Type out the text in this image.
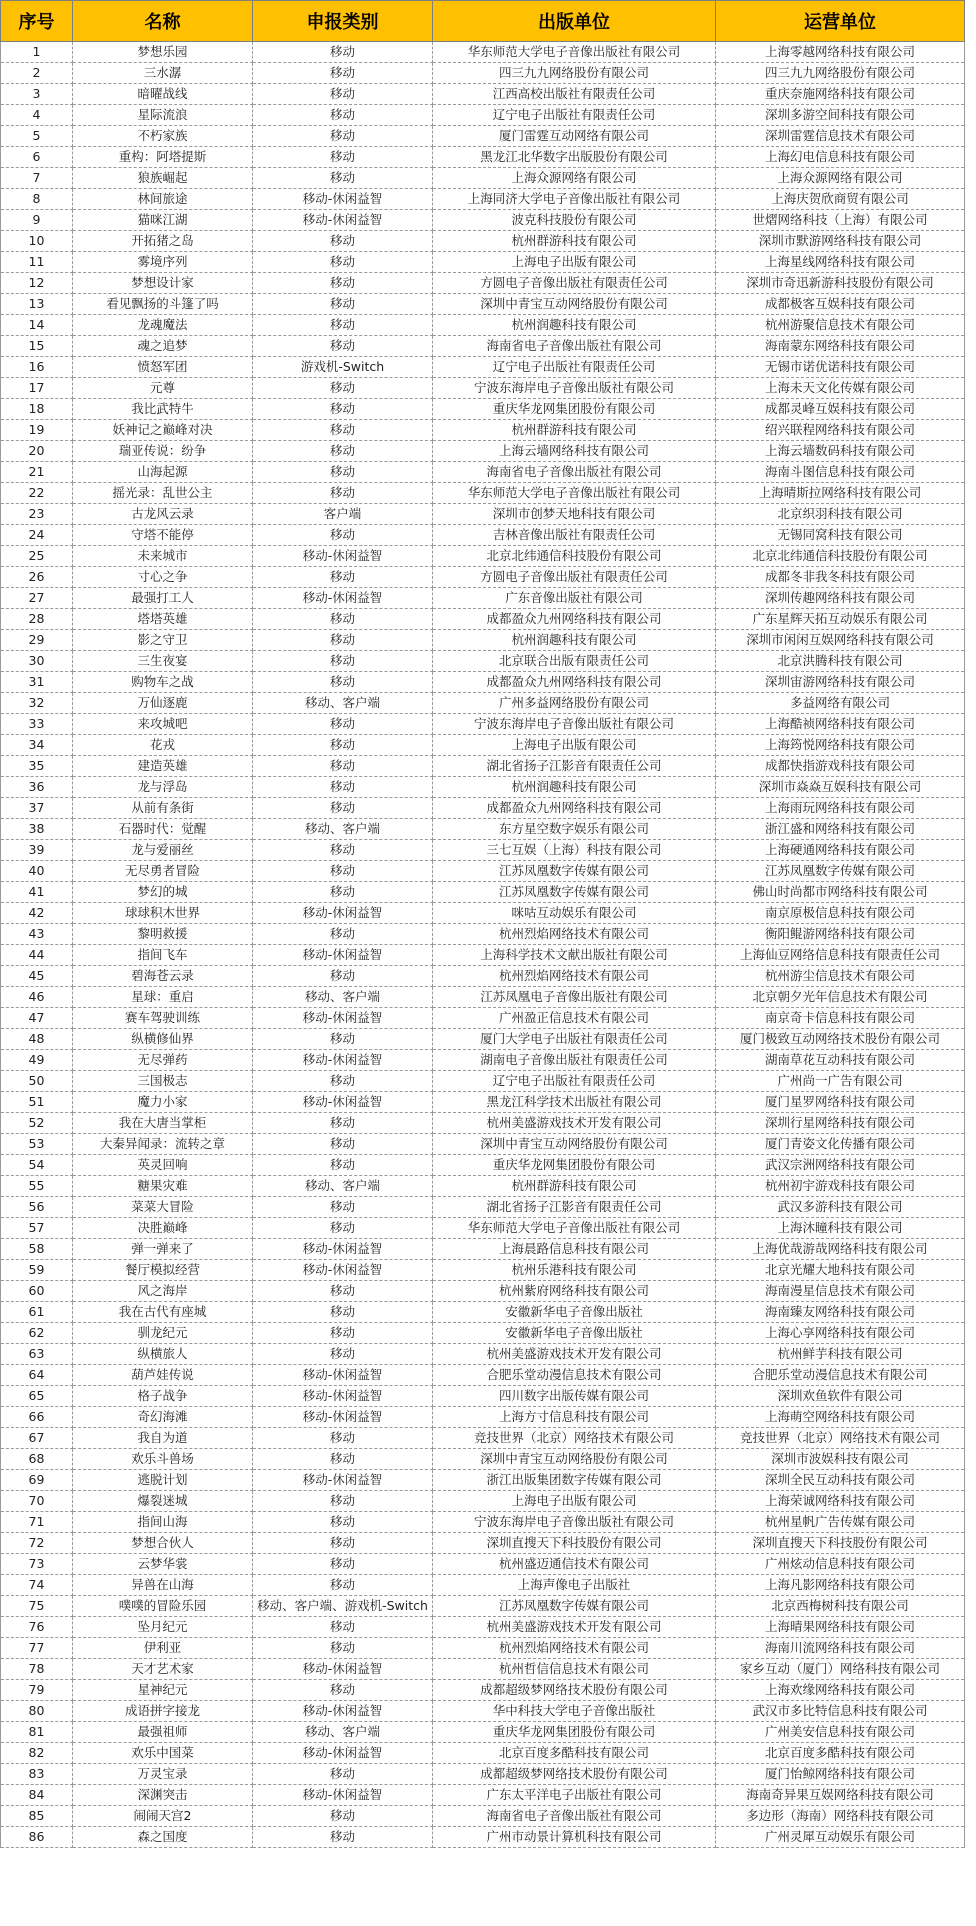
序号	名称	申报类别	出版单位	运营单位
1	梦想乐园	移动	华东师范大学电子音像出版社有限公司	上海零越网络科技有限公司
2	三水潺	移动	四三九九网络股份有限公司	四三九九网络股份有限公司
3	暗曜战线	移动	江西高校出版社有限责任公司	重庆奈施网络科技有限公司
4	星际流浪	移动	辽宁电子出版社有限责任公司	深圳多游空间科技有限公司
5	不朽家族	移动	厦门雷霆互动网络有限公司	深圳雷霆信息技术有限公司
6	重构：阿塔提斯	移动	黑龙江北华数字出版股份有限公司	上海幻电信息科技有限公司
7	狼族崛起	移动	上海众源网络有限公司	上海众源网络有限公司
8	林间旅途	移动-休闲益智	上海同济大学电子音像出版社有限公司	上海庆贺欣商贸有限公司
9	猫咪江湖	移动-休闲益智	波克科技股份有限公司	世熠网络科技（上海）有限公司
10	开拓猪之岛	移动	杭州群游科技有限公司	深圳市默游网络科技有限公司
11	雾境序列	移动	上海电子出版有限公司	上海星线网络科技有限公司
12	梦想设计家	移动	方圆电子音像出版社有限责任公司	深圳市奇迅新游科技股份有限公司
13	看见飘扬的斗篷了吗	移动	深圳中青宝互动网络股份有限公司	成都极客互娱科技有限公司
14	龙魂魔法	移动	杭州润趣科技有限公司	杭州游聚信息技术有限公司
15	魂之追梦	移动	海南省电子音像出版社有限公司	海南蒙东网络科技有限公司
16	愤怒军团	游戏机-Switch	辽宁电子出版社有限责任公司	无锡市诺优诺科技有限公司
17	元尊	移动	宁波东海岸电子音像出版社有限公司	上海未天文化传媒有限公司
18	我比武特牛	移动	重庆华龙网集团股份有限公司	成都灵峰互娱科技有限公司
19	妖神记之巅峰对决	移动	杭州群游科技有限公司	绍兴联程网络科技有限公司
20	瑞亚传说：纷争	移动	上海云墙网络科技有限公司	上海云墙数码科技有限公司
21	山海起源	移动	海南省电子音像出版社有限公司	海南斗图信息科技有限公司
22	摇光录：乱世公主	移动	华东师范大学电子音像出版社有限公司	上海晴斯拉网络科技有限公司
23	古龙风云录	客户端	深圳市创梦天地科技有限公司	北京织羽科技有限公司
24	守塔不能停	移动	吉林音像出版社有限责任公司	无锡同窝科技有限公司
25	未来城市	移动-休闲益智	北京北纬通信科技股份有限公司	北京北纬通信科技股份有限公司
26	寸心之争	移动	方圆电子音像出版社有限责任公司	成都冬非我冬科技有限公司
27	最强打工人	移动-休闲益智	广东音像出版社有限公司	深圳传趣网络科技有限公司
28	塔塔英雄	移动	成都盈众九州网络科技有限公司	广东星辉天拓互动娱乐有限公司
29	影之守卫	移动	杭州润趣科技有限公司	深圳市闲闲互娱网络科技有限公司
30	三生夜宴	移动	北京联合出版有限责任公司	北京洪腾科技有限公司
31	购物车之战	移动	成都盈众九州网络科技有限公司	深圳宙游网络科技有限公司
32	万仙逐鹿	移动、客户端	广州多益网络股份有限公司	多益网络有限公司
33	来攻城吧	移动	宁波东海岸电子音像出版社有限公司	上海酷祯网络科技有限公司
34	花戎	移动	上海电子出版有限公司	上海筠悦网络科技有限公司
35	建造英雄	移动	湖北省扬子江影音有限责任公司	成都快指游戏科技有限公司
36	龙与浮岛	移动	杭州润趣科技有限公司	深圳市焱焱互娱科技有限公司
37	从前有条街	移动	成都盈众九州网络科技有限公司	上海雨玩网络科技有限公司
38	石器时代：觉醒	移动、客户端	东方星空数字娱乐有限公司	浙江盛和网络科技有限公司
39	龙与爱丽丝	移动	三七互娱（上海）科技有限公司	上海硬通网络科技有限公司
40	无尽勇者冒险	移动	江苏凤凰数字传媒有限公司	江苏凤凰数字传媒有限公司
41	梦幻的城	移动	江苏凤凰数字传媒有限公司	佛山时尚都市网络科技有限公司
42	球球积木世界	移动-休闲益智	咪咕互动娱乐有限公司	南京原极信息科技有限公司
43	黎明救援	移动	杭州烈焰网络技术有限公司	衡阳鲲游网络科技有限公司
44	指间飞车	移动-休闲益智	上海科学技术文献出版社有限公司	上海仙豆网络信息科技有限责任公司
45	碧海苍云录	移动	杭州烈焰网络技术有限公司	杭州游尘信息技术有限公司
46	星球：重启	移动、客户端	江苏凤凰电子音像出版社有限公司	北京朝夕光年信息技术有限公司
47	赛车驾驶训练	移动-休闲益智	广州盈正信息技术有限公司	南京奇卡信息科技有限公司
48	纵横修仙界	移动	厦门大学电子出版社有限责任公司	厦门极致互动网络技术股份有限公司
49	无尽弹药	移动-休闲益智	湖南电子音像出版社有限责任公司	湖南草花互动科技有限公司
50	三国极志	移动	辽宁电子出版社有限责任公司	广州尚一广告有限公司
51	魔力小家	移动-休闲益智	黑龙江科学技术出版社有限公司	厦门星罗网络科技有限公司
52	我在大唐当掌柜	移动	杭州美盛游戏技术开发有限公司	深圳行星网络科技有限公司
53	大秦异闻录：流转之章	移动	深圳中青宝互动网络股份有限公司	厦门青姿文化传播有限公司
54	英灵回响	移动	重庆华龙网集团股份有限公司	武汉宗洲网络科技有限公司
55	糖果灾难	移动、客户端	杭州群游科技有限公司	杭州初宇游戏科技有限公司
56	菜菜大冒险	移动	湖北省扬子江影音有限责任公司	武汉多游科技有限公司
57	决胜巅峰	移动	华东师范大学电子音像出版社有限公司	上海沐瞳科技有限公司
58	弹一弹来了	移动-休闲益智	上海晨路信息科技有限公司	上海优哉游哉网络科技有限公司
59	餐厅模拟经营	移动-休闲益智	杭州乐港科技有限公司	北京光耀大地科技有限公司
60	风之海岸	移动	杭州紫府网络科技有限公司	海南漫星信息技术有限公司
61	我在古代有座城	移动	安徽新华电子音像出版社	海南臻友网络科技有限公司
62	驯龙纪元	移动	安徽新华电子音像出版社	上海心享网络科技有限公司
63	纵横旅人	移动	杭州美盛游戏技术开发有限公司	杭州鲜芋科技有限公司
64	葫芦娃传说	移动-休闲益智	合肥乐堂动漫信息技术有限公司	合肥乐堂动漫信息技术有限公司
65	格子战争	移动-休闲益智	四川数字出版传媒有限公司	深圳欢鱼软件有限公司
66	奇幻海滩	移动-休闲益智	上海方寸信息科技有限公司	上海萌空网络科技有限公司
67	我自为道	移动	竞技世界（北京）网络技术有限公司	竞技世界（北京）网络技术有限公司
68	欢乐斗兽场	移动	深圳中青宝互动网络股份有限公司	深圳市波娱科技有限公司
69	逃脱计划	移动-休闲益智	浙江出版集团数字传媒有限公司	深圳全民互动科技有限公司
70	爆裂迷城	移动	上海电子出版有限公司	上海荣诚网络科技有限公司
71	指间山海	移动	宁波东海岸电子音像出版社有限公司	杭州星帆广告传媒有限公司
72	梦想合伙人	移动	深圳直搜天下科技股份有限公司	深圳直搜天下科技股份有限公司
73	云梦华裳	移动	杭州盛迈通信技术有限公司	广州炫动信息科技有限公司
74	异兽在山海	移动	上海声像电子出版社	上海凡影网络科技有限公司
75	噗噗的冒险乐园	移动、客户端、游戏机-Switch	江苏凤凰数字传媒有限公司	北京西梅树科技有限公司
76	坠月纪元	移动	杭州美盛游戏技术开发有限公司	上海晴果网络科技有限公司
77	伊利亚	移动	杭州烈焰网络技术有限公司	海南川流网络科技有限公司
78	天才艺术家	移动-休闲益智	杭州哲信信息技术有限公司	家乡互动（厦门）网络科技有限公司
79	星神纪元	移动	成都超级梦网络技术股份有限公司	上海欢缘网络科技有限公司
80	成语拼字接龙	移动-休闲益智	华中科技大学电子音像出版社	武汉市多比特信息科技有限公司
81	最强祖师	移动、客户端	重庆华龙网集团股份有限公司	广州美安信息科技有限公司
82	欢乐中国菜	移动-休闲益智	北京百度多酷科技有限公司	北京百度多酷科技有限公司
83	万灵宝录	移动	成都超级梦网络技术股份有限公司	厦门怡鲸网络科技有限公司
84	深渊突击	移动-休闲益智	广东太平洋电子出版社有限公司	海南奇异果互娱网络科技有限公司
85	闹闹天宫2	移动	海南省电子音像出版社有限公司	多边形（海南）网络科技有限公司
86	森之国度	移动	广州市动景计算机科技有限公司	广州灵犀互动娱乐有限公司
